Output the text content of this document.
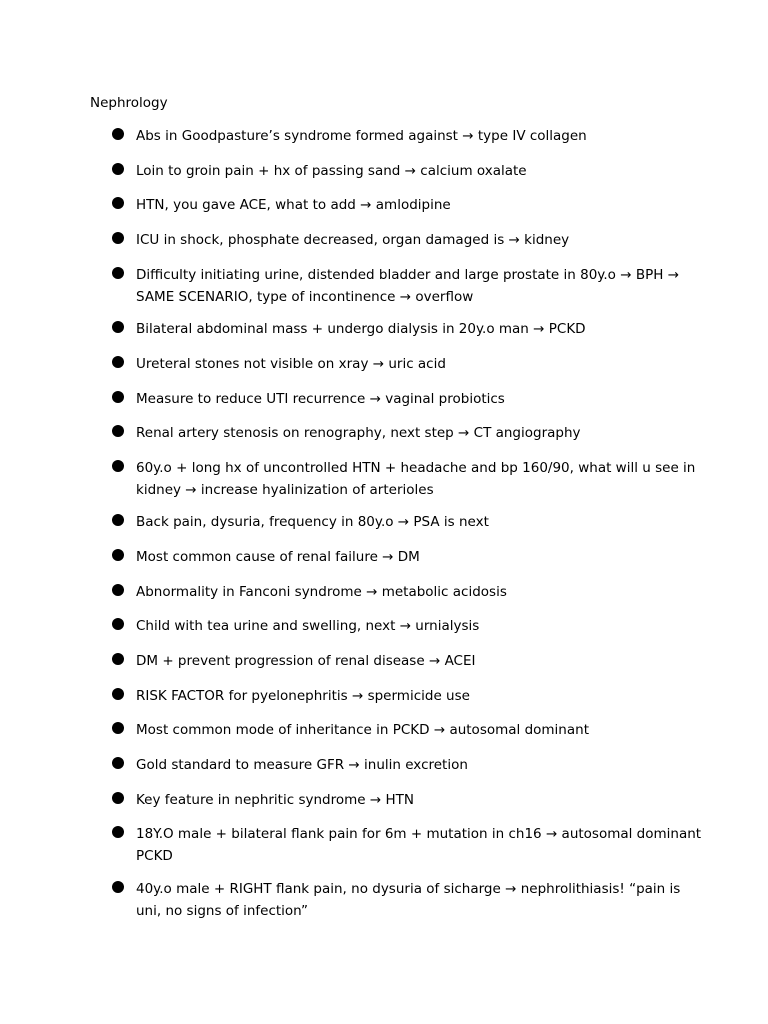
Nephrology
Abs in Goodpasture’s syndrome formed against → type IV collagen
Loin to groin pain + hx of passing sand → calcium oxalate
HTN, you gave ACE, what to add → amlodipine
ICU in shock, phosphate decreased, organ damaged is → kidney
Difficulty initiating urine, distended bladder and large prostate in 80y.o → BPH → SAME SCENARIO, type of incontinence → overflow
Bilateral abdominal mass + undergo dialysis in 20y.o man → PCKD
Ureteral stones not visible on xray → uric acid
Measure to reduce UTI recurrence → vaginal probiotics
Renal artery stenosis on renography, next step → CT angiography
60y.o + long hx of uncontrolled HTN + headache and bp 160/90, what will u see in kidney → increase hyalinization of arterioles
Back pain, dysuria, frequency in 80y.o → PSA is next
Most common cause of renal failure → DM
Abnormality in Fanconi syndrome → metabolic acidosis
Child with tea urine and swelling, next → urnialysis
DM + prevent progression of renal disease → ACEI
RISK FACTOR for pyelonephritis → spermicide use
Most common mode of inheritance in PCKD → autosomal dominant
Gold standard to measure GFR → inulin excretion
Key feature in nephritic syndrome → HTN
18Y.O male + bilateral flank pain for 6m + mutation in ch16 → autosomal dominant PCKD
40y.o male + RIGHT flank pain, no dysuria of sicharge → nephrolithiasis! “pain is uni, no signs of infection”
